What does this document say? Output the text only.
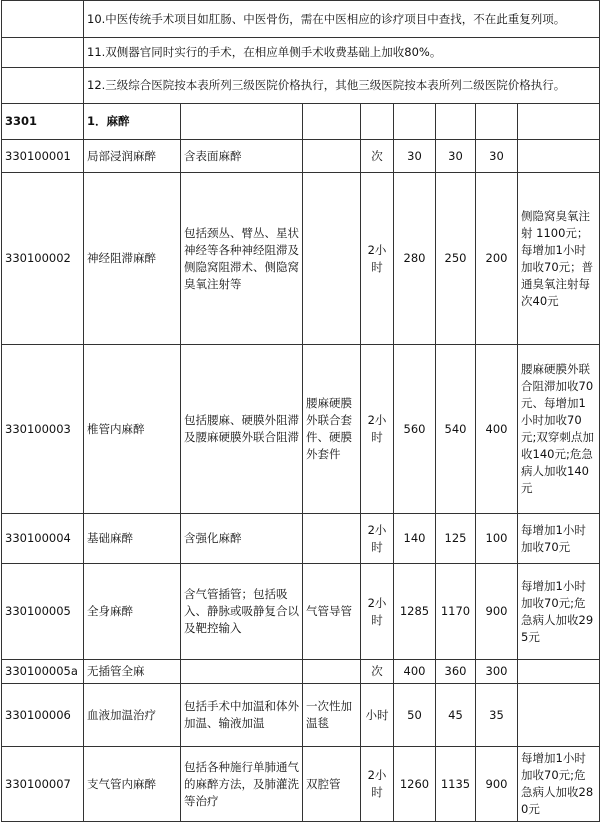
	10.中医传统手术项目如肛肠、中医骨伤，需在中医相应的诊疗项目中查找，不在此重复列项。							
	11.双侧器官同时实行的手术，在相应单侧手术收费基础上加收80%。							
	12.三级综合医院按本表所列三级医院价格执行，其他三级医院按本表所列二级医院价格执行。							
3301	1．麻醉							
330100001	局部浸润麻醉	含表面麻醉		次	30	30	30	
330100002	神经阻滞麻醉	包括颈丛、臂丛、星状神经等各种神经阻滞及侧隐窝阻滞术、侧隐窝臭氧注射等		2小时	280	250	200	侧隐窝臭氧注 射 1100元；每增加1小时加收70元；普通臭氧注射每次40元
330100003	椎管内麻醉	包括腰麻、硬膜外阻滞及腰麻硬膜外联合阻滞	腰麻硬膜外联合套件、硬膜外套件	2小时	560	540	400	腰麻硬膜外联合阻滞加收70元、每增加1小时加收70元;双穿刺点加收140元;危急病人加收140元
330100004	基础麻醉	含强化麻醉		2小时	140	125	100	每增加1小时加收70元
330100005	全身麻醉	含气管插管；包括吸入、静脉或吸静复合以及靶控输入	气管导管	2小时	1285	1170	900	每增加1小时加收70元;危急病人加收295元
330100005a	无插管全麻			次	400	360	300	
330100006	血液加温治疗	包括手术中加温和体外加温、输液加温	一次性加温毯	小时	50	45	35	
330100007	支气管内麻醉	包括各种施行单肺通气的麻醉方法，及肺灌洗等治疗	双腔管	2小时	1260	1135	900	每增加1小时加收70元;危急病人加收280元
